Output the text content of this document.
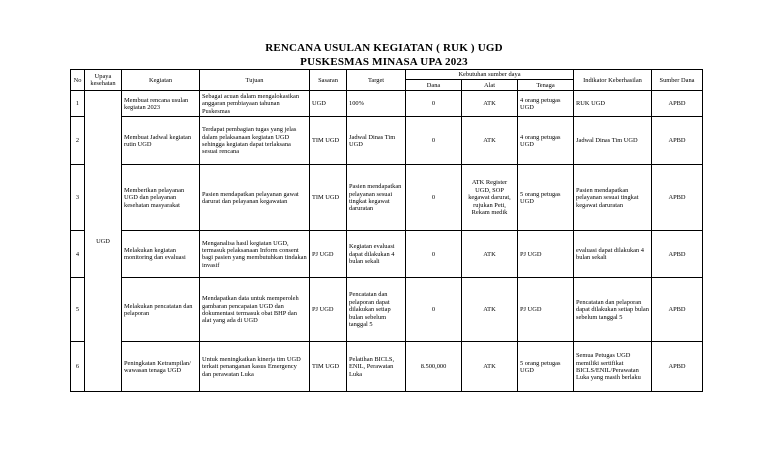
RENCANA USULAN KEGIATAN ( RUK ) UGD
PUSKESMAS MINASA UPA 2023
No	Upaya kesehatan	Kegiatan	Tujuan	Sasaran	Target	Kebutuhan sumber daya			Indikator Keberhasilan	Sumber Dana
						Dana	Alat	Tenaga		
1	UGD	Membuat rencana usulan kegiatan 2023	Sebagai acuan dalam mengalokasikan anggaran pembiayaan tahunan Puskesmas	UGD	100%	0	ATK	4 orang petugas UGD	RUK UGD	APBD
2		Membuat Jadwal kegiatan rutin UGD	Terdapat pembagian tugas yang jelas dalam pelaksanaan kegiatan UGD sehingga kegiatan dapat terlaksana sesuai rencana	TIM UGD	Jadwal Dinas Tim UGD	0	ATK	4 orang petugas UGD	Jadwal Dinas Tim UGD	APBD
3		Memberikan pelayanan UGD dan pelayanan kesehatan masyarakat	Pasien mendapatkan pelayanan gawat darurat dan pelayanan kegawatan	TIM UGD	Pasien mendapatkan pelayanan sesuai tingkat kegawat daruratan	0	ATK Register UGD, SOP kegawat darurat, rujukan Peti, Rekam medik	5 orang petugas UGD	Pasien mendapatkan pelayanan sesuai tingkat kegawat daruratan	APBD
4		Melakukan kegiatan monitoring dan evaluasi	Menganalisa hasil kegiatan UGD, termasuk pelaksanaan Inform consent bagi pasien yang membutuhkan tindakan invasif	PJ UGD	Kegiatan evaluasi dapat dilakukan 4 bulan sekali	0	ATK	PJ UGD	evaluasi dapat dilakukan 4 bulan sekali	APBD
5		Melakukan pencatatan dan pelaporan	Mendapatkan data untuk memperoleh gambaran pencapaian UGD dan dokumentasi termasuk obat BHP dan alat yang ada di UGD	PJ UGD	Pencatatan dan pelaporan dapat dilakukan setiap bulan sebelum tanggal 5	0	ATK	PJ UGD	Pencatatan dan pelaporan dapat dilakukan setiap bulan sebelum tanggal 5	APBD
6		Peningkatan Ketrampilan/ wawasan tenaga UGD	Untuk meningkatkan kinerja tim UGD terkait penanganan kasus Emergency dan perawatan Luka	TIM UGD	Pelatihan BICLS, ENIL, Perawatan Luka	8.500,000	ATK	5 orang petugas UGD	Semua Petugas UGD memiliki sertifikat BICLS/ENIL/Perawatan Luka yang masih berlaku	APBD
